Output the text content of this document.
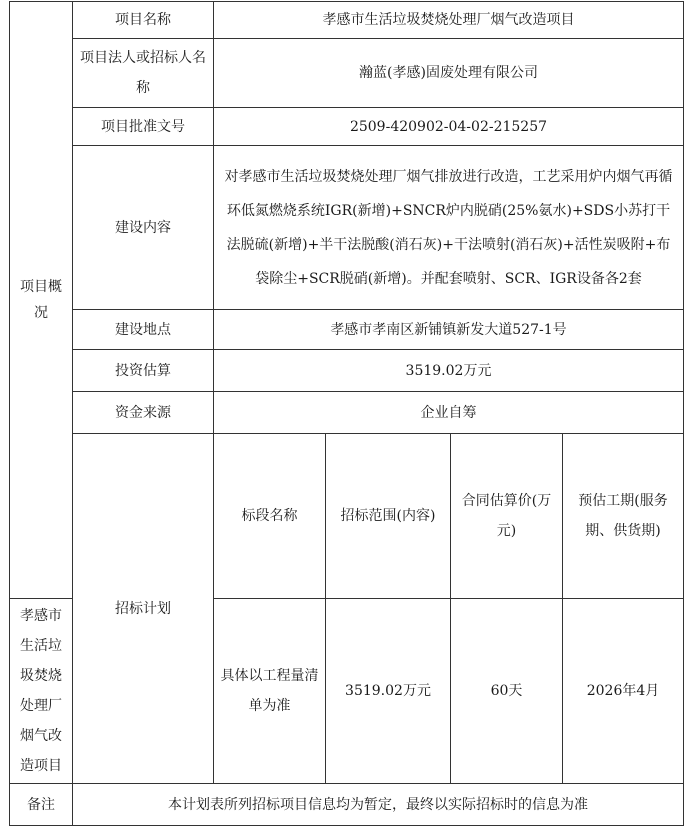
项目概况	项目名称	孝感市生活垃圾焚烧处理厂烟气改造项目				
	项目法人或招标人名称	瀚蓝(孝感)固废处理有限公司				
	项目批准文号	2509-420902-04-02-215257				
	建设内容	对孝感市生活垃圾焚烧处理厂烟气排放进行改造，工艺采用炉内烟气再循环低氮燃烧系统IGR(新增)+SNCR炉内脱硝(25%氨水)+SDS小苏打干法脱硫(新增)+半干法脱酸(消石灰)+干法喷射(消石灰)+活性炭吸附+布袋除尘+SCR脱硝(新增)。并配套喷射、SCR、IGR设备各2套				
	建设地点	孝感市孝南区新铺镇新发大道527-1号				
	投资估算	3519.02万元				
	资金来源	企业自筹				
	招标计划	标段名称	招标范围(内容)	合同估算价(万元)	预估工期(服务期、供货期)	
孝感市生活垃圾焚烧处理厂烟气改造项目		具体以工程量清单为准	3519.02万元	60天	2026年4月	
备注	本计划表所列招标项目信息均为暂定，最终以实际招标时的信息为准					
